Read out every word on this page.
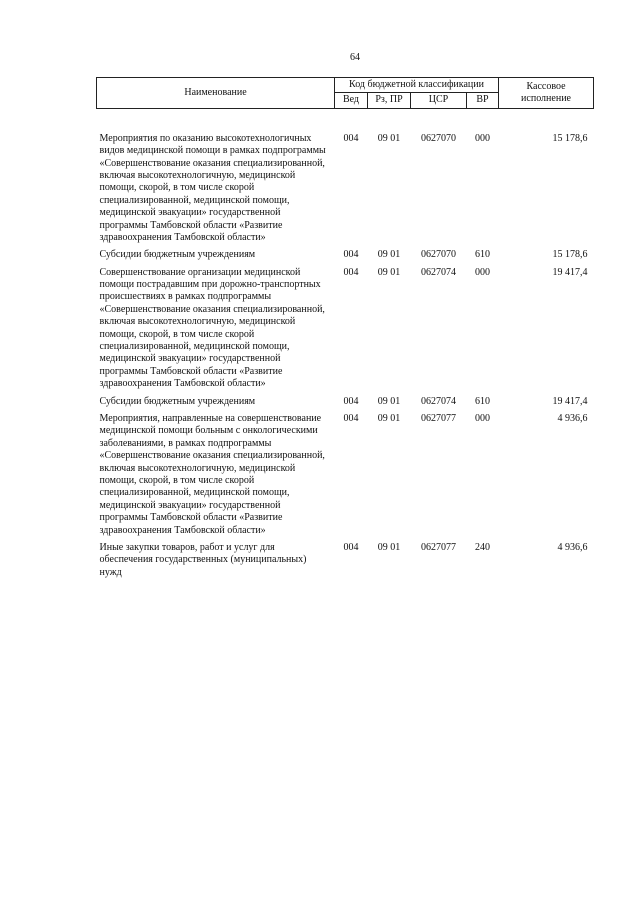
64
Наименование	Код бюджетной классификации				Кассовое исполнение
	Вед	Рз, ПР	ЦСР	ВР	
Мероприятия по оказанию высокотехнологичных видов медицинской помощи в рамках подпрограммы «Совершенствование оказания специализированной, включая высокотехнологичную, медицинской помощи, скорой, в том числе скорой специализированной, медицинской помощи, медицинской эвакуации» государственной программы Тамбовской области «Развитие здравоохранения Тамбовской области»	004	09 01	0627070	000	15 178,6
Субсидии бюджетным учреждениям	004	09 01	0627070	610	15 178,6
Совершенствование организации медицинской помощи пострадавшим при дорожно-транспортных происшествиях в рамках подпрограммы «Совершенствование оказания специализированной, включая высокотехнологичную, медицинской помощи, скорой, в том числе скорой специализированной, медицинской помощи, медицинской эвакуации» государственной программы Тамбовской области «Развитие здравоохранения Тамбовской области»	004	09 01	0627074	000	19 417,4
Субсидии бюджетным учреждениям	004	09 01	0627074	610	19 417,4
Мероприятия, направленные на совершенствование медицинской помощи больным с онкологическими заболеваниями, в рамках подпрограммы «Совершенствование оказания специализированной, включая высокотехнологичную, медицинской помощи, скорой, в том числе скорой специализированной, медицинской помощи, медицинской эвакуации» государственной программы Тамбовской области «Развитие здравоохранения Тамбовской области»	004	09 01	0627077	000	4 936,6
Иные закупки товаров, работ и услуг для обеспечения государственных (муниципальных) нужд	004	09 01	0627077	240	4 936,6
